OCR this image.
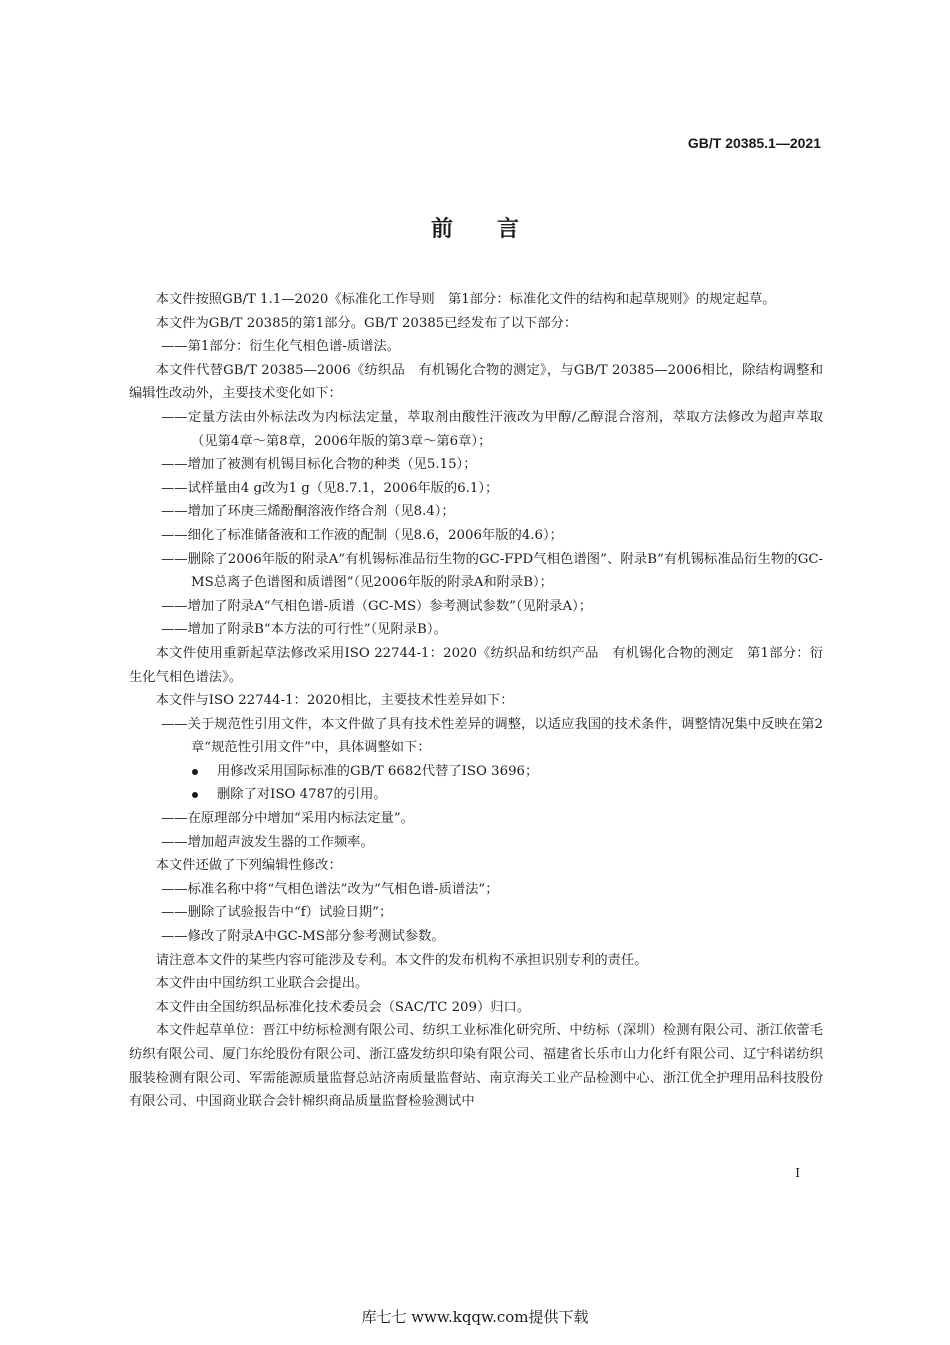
GB/T 20385.1—2021
前言

本文件按照GB/T 1.1—2020《标准化工作导则　第1部分：标准化文件的结构和起草规则》的规定起草。

本文件为GB/T 20385的第1部分。GB/T 20385已经发布了以下部分：

——第1部分：衍生化气相色谱-质谱法。

本文件代替GB/T 20385—2006《纺织品　有机锡化合物的测定》，与GB/T 20385—2006相比，除结构调整和编辑性改动外，主要技术变化如下：

——定量方法由外标法改为内标法定量，萃取剂由酸性汗液改为甲醇/乙醇混合溶剂，萃取方法修改为超声萃取（见第4章～第8章，2006年版的第3章～第6章）；

——增加了被测有机锡目标化合物的种类（见5.15）；

——试样量由4 g改为1 g（见8.7.1，2006年版的6.1）；

——增加了环庚三烯酚酮溶液作络合剂（见8.4）；

——细化了标准储备液和工作液的配制（见8.6，2006年版的4.6）；

——删除了2006年版的附录A“有机锡标准品衍生物的GC-FPD气相色谱图”、附录B“有机锡标准品衍生物的GC-MS总离子色谱图和质谱图”（见2006年版的附录A和附录B）；

——增加了附录A“气相色谱-质谱（GC-MS）参考测试参数”（见附录A）；

——增加了附录B“本方法的可行性”（见附录B）。

本文件使用重新起草法修改采用ISO 22744-1：2020《纺织品和纺织产品　有机锡化合物的测定　第1部分：衍生化气相色谱法》。

本文件与ISO 22744-1：2020相比，主要技术性差异如下：

——关于规范性引用文件，本文件做了具有技术性差异的调整，以适应我国的技术条件，调整情况集中反映在第2章“规范性引用文件”中，具体调整如下：

用修改采用国际标准的GB/T 6682代替了ISO 3696；

删除了对ISO 4787的引用。

——在原理部分中增加“采用内标法定量”。

——增加超声波发生器的工作频率。

本文件还做了下列编辑性修改：

——标准名称中将“气相色谱法”改为“气相色谱-质谱法”；

——删除了试验报告中“f）试验日期”；

——修改了附录A中GC-MS部分参考测试参数。

请注意本文件的某些内容可能涉及专利。本文件的发布机构不承担识别专利的责任。

本文件由中国纺织工业联合会提出。

本文件由全国纺织品标准化技术委员会（SAC/TC 209）归口。

本文件起草单位：晋江中纺标检测有限公司、纺织工业标准化研究所、中纺标（深圳）检测有限公司、浙江依蕾毛纺织有限公司、厦门东纶股份有限公司、浙江盛发纺织印染有限公司、福建省长乐市山力化纤有限公司、辽宁科诺纺织服装检测有限公司、军需能源质量监督总站济南质量监督站、南京海关工业产品检测中心、浙江优全护理用品科技股份有限公司、中国商业联合会针棉织商品质量监督检验测试中

I
库七七 www.kqqw.com提供下载
